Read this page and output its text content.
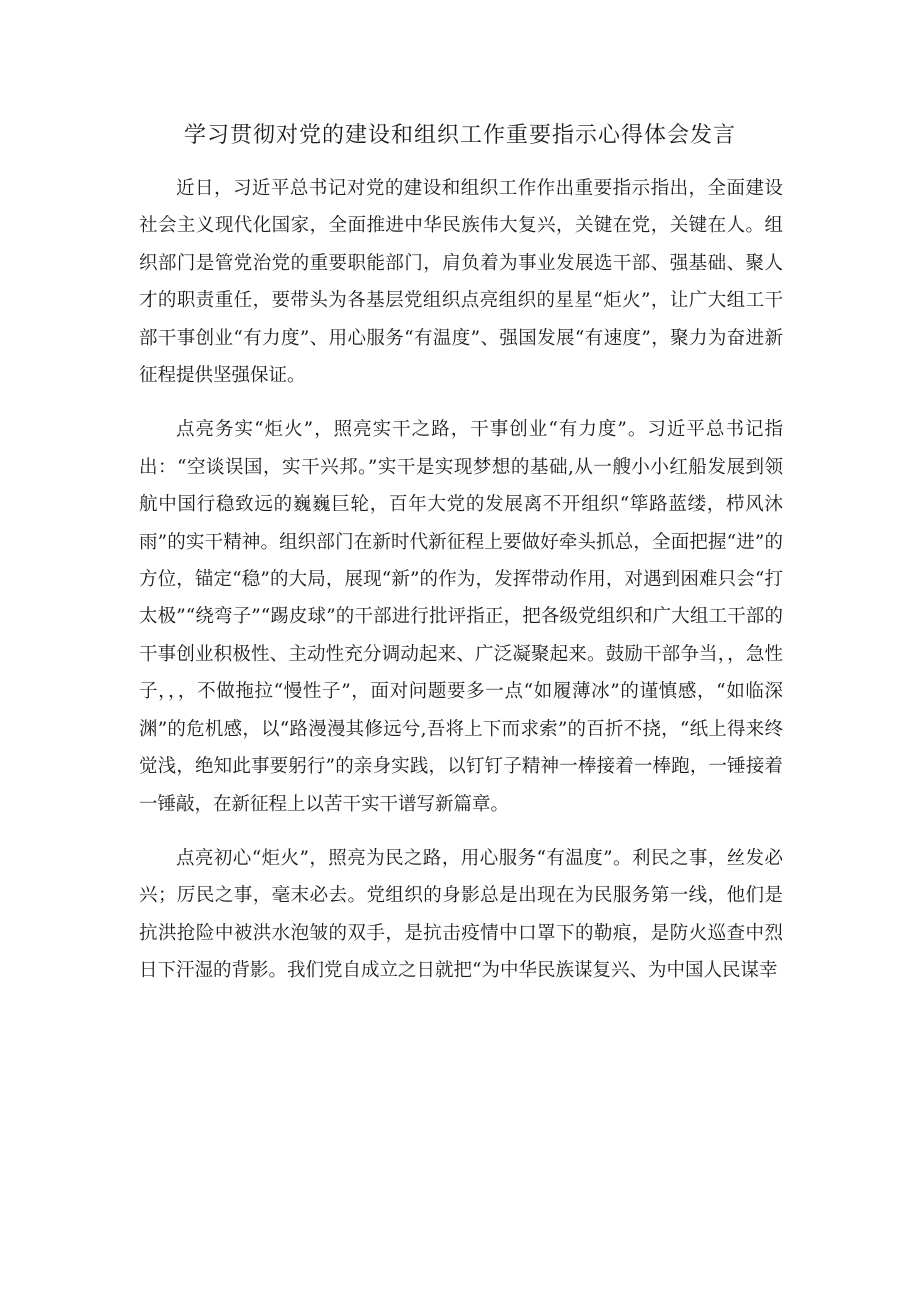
学习贯彻对党的建设和组织工作重要指示心得体会发言

近日，习近平总书记对党的建设和组织工作作出重要指示指出，全面建设社会主义现代化国家，全面推进中华民族伟大复兴，关键在党，关键在人。组织部门是管党治党的重要职能部门，肩负着为事业发展选干部、强基础、聚人才的职责重任，要带头为各基层党组织点亮组织的星星“炬火”，让广大组工干部干事创业“有力度”、用心服务“有温度”、强国发展“有速度”，聚力为奋进新征程提供坚强保证。

点亮务实“炬火”，照亮实干之路，干事创业“有力度”。习近平总书记指出：“空谈误国，实干兴邦。”实干是实现梦想的基础,从一艘小小红船发展到领航中国行稳致远的巍巍巨轮，百年大党的发展离不开组织“筚路蓝缕，栉风沐雨”的实干精神。组织部门在新时代新征程上要做好牵头抓总，全面把握“进”的方位，锚定“稳”的大局，展现“新”的作为，发挥带动作用，对遇到困难只会“打太极”“绕弯子”“踢皮球”的干部进行批评指正，把各级党组织和广大组工干部的干事创业积极性、主动性充分调动起来、广泛凝聚起来。鼓励干部争当，，急性子，，，不做拖拉“慢性子”，面对问题要多一点“如履薄冰”的谨慎感，“如临深渊”的危机感，以“路漫漫其修远兮,吾将上下而求索”的百折不挠，“纸上得来终觉浅，绝知此事要躬行”的亲身实践，以钉钉子精神一棒接着一棒跑，一锤接着一锤敲，在新征程上以苦干实干谱写新篇章。

点亮初心“炬火”，照亮为民之路，用心服务“有温度”。利民之事，丝发必兴；厉民之事，毫末必去。党组织的身影总是出现在为民服务第一线，他们是抗洪抢险中被洪水泡皱的双手，是抗击疫情中口罩下的勒痕，是防火巡查中烈日下汗湿的背影。我们党自成立之日就把“为中华民族谋复兴、为中国人民谋幸
